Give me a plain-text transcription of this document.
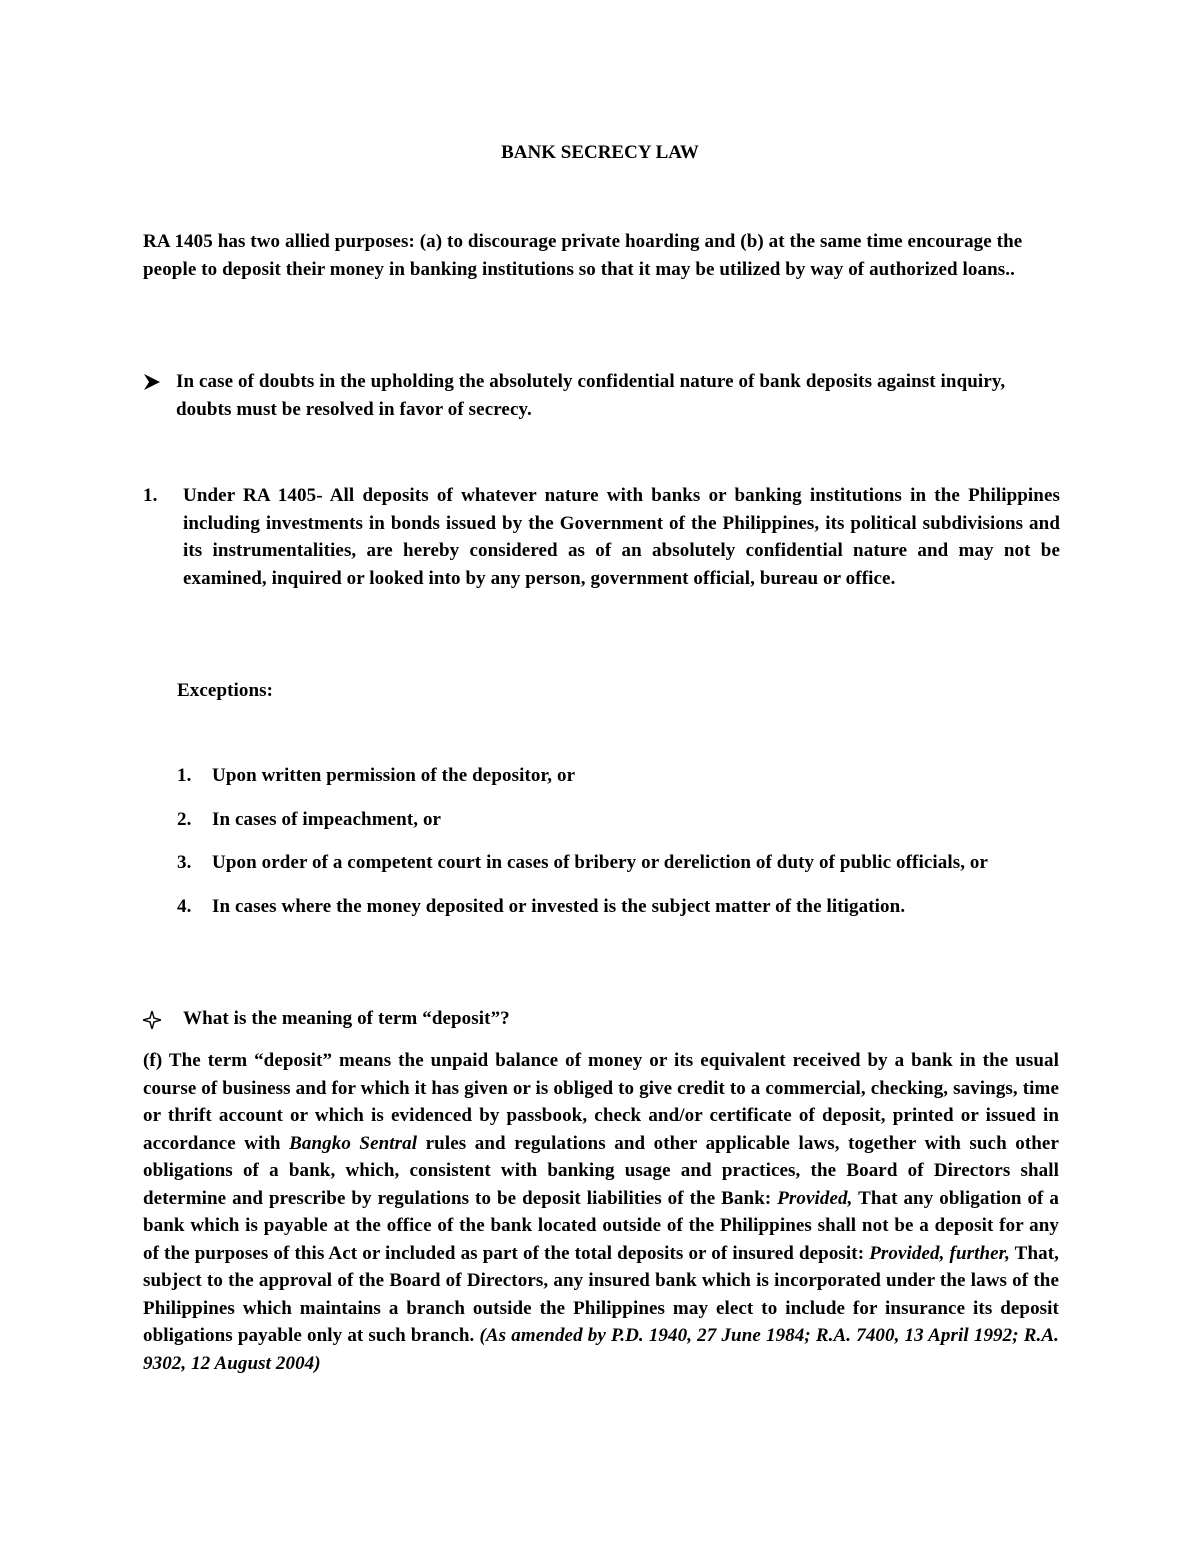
BANK SECRECY LAW
RA 1405 has two allied purposes: (a) to discourage private hoarding and (b) at the same time encourage the people to deposit their money in banking institutions so that it may be utilized by way of authorized loans..
In case of doubts in the upholding the absolutely confidential nature of bank deposits against inquiry, doubts must be resolved in favor of secrecy.
1. Under RA 1405- All deposits of whatever nature with banks or banking institutions in the Philippines including investments in bonds issued by the Government of the Philippines, its political subdivisions and its instrumentalities, are hereby considered as of an absolutely confidential nature and may not be examined, inquired or looked into by any person, government official, bureau or office.
Exceptions:
1. Upon written permission of the depositor, or
2. In cases of impeachment, or
3. Upon order of a competent court in cases of bribery or dereliction of duty of public officials, or
4. In cases where the money deposited or invested is the subject matter of the litigation.
What is the meaning of term “deposit”?
(f) The term “deposit” means the unpaid balance of money or its equivalent received by a bank in the usual course of business and for which it has given or is obliged to give credit to a commercial, checking, savings, time or thrift account or which is evidenced by passbook, check and/or certificate of deposit, printed or issued in accordance with Bangko Sentral rules and regulations and other applicable laws, together with such other obligations of a bank, which, consistent with banking usage and practices, the Board of Directors shall determine and prescribe by regulations to be deposit liabilities of the Bank: Provided, That any obligation of a bank which is payable at the office of the bank located outside of the Philippines shall not be a deposit for any of the purposes of this Act or included as part of the total deposits or of insured deposit: Provided, further, That, subject to the approval of the Board of Directors, any insured bank which is incorporated under the laws of the Philippines which maintains a branch outside the Philippines may elect to include for insurance its deposit obligations payable only at such branch. (As amended by P.D. 1940, 27 June 1984; R.A. 7400, 13 April 1992; R.A. 9302, 12 August 2004)
